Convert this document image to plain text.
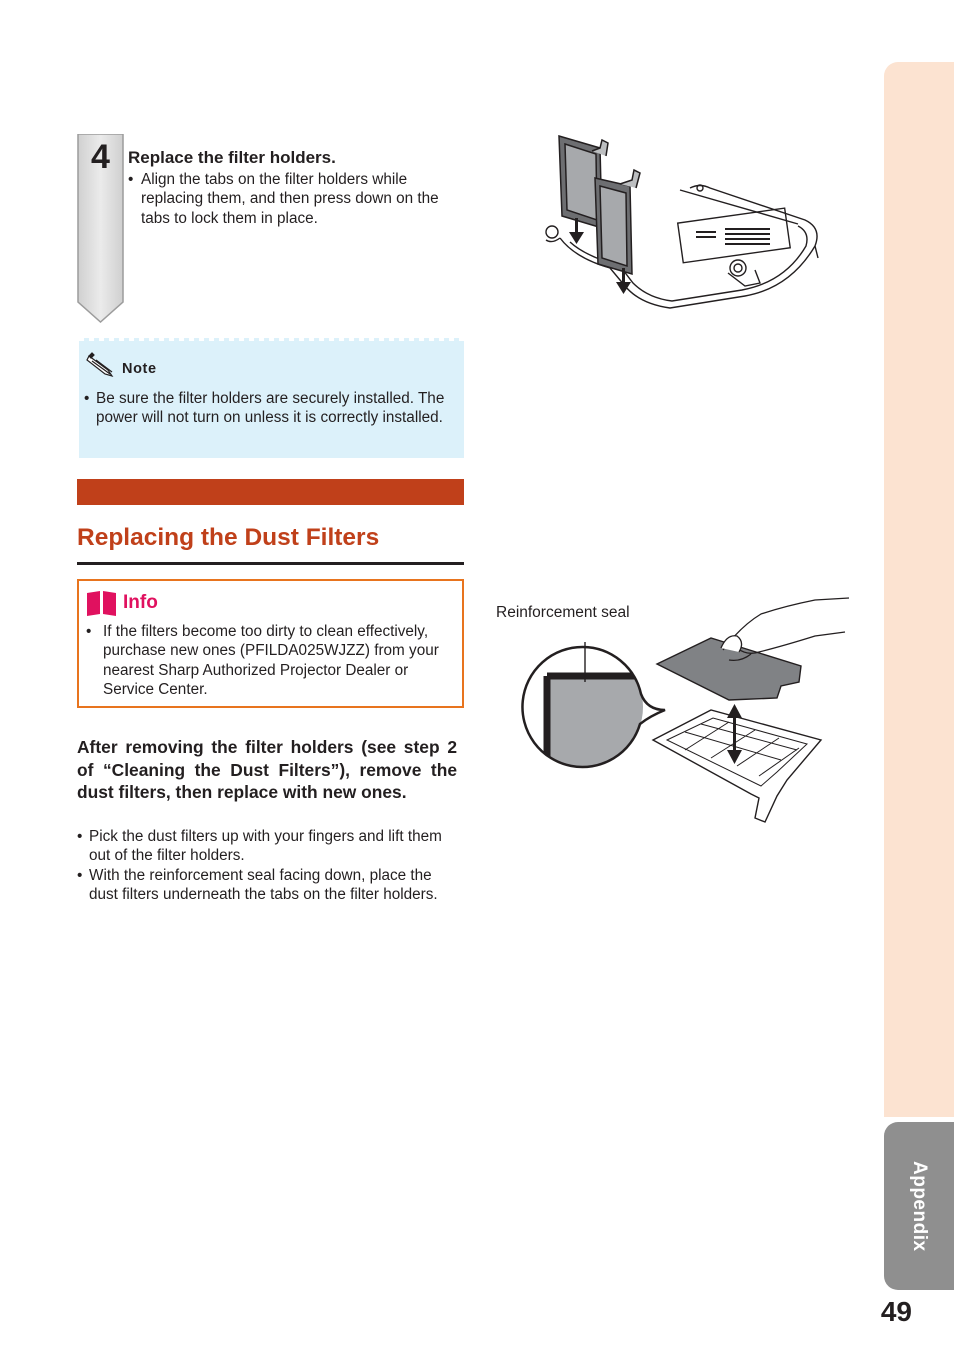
Appendix
49
4	Replace the filter holders.
• Align the tabs on the filter holders while replacing them, and then press down on the tabs to lock them in place.
Note
• Be sure the filter holders are securely installed. The power will not turn on unless it is correctly installed.
Replacing the Dust Filters
Info
• If the filters become too dirty to clean effectively, purchase new ones (PFILDA025WJZZ) from your nearest Sharp Authorized Projector Dealer or Service Center.
After removing the filter holders (see step 2 of “Cleaning the Dust Filters”), remove the dust filters, then replace with new ones.
• Pick the dust filters up with your fingers and lift them out of the filter holders.
• With the reinforcement seal facing down, place the dust filters underneath the tabs on the filter holders.
Reinforcement seal
